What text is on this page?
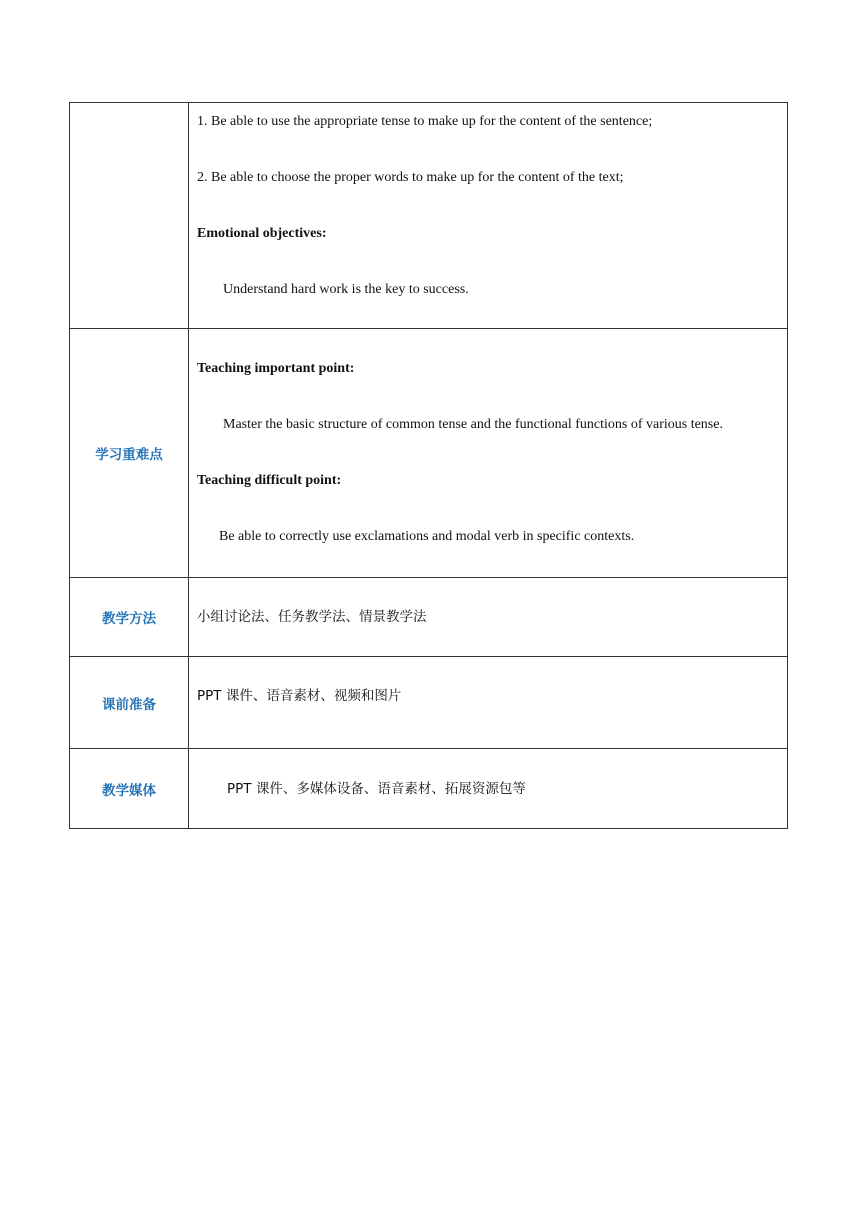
	1. Be able to use the appropriate tense to make up for the content of the sentence;
2. Be able to choose the proper words to make up for the content of the text;
Emotional objectives:
Understand hard work is the key to success.

学习重难点	Teaching important point:
Master the basic structure of common tense and the functional functions of various tense.
Teaching difficult point:
Be able to correctly use exclamations and modal verb in specific contexts.

教学方法	小组讨论法、任务教学法、情景教学法

课前准备	PPT 课件、语音素材、视频和图片

教学媒体	PPT 课件、多媒体设备、语音素材、拓展资源包等
